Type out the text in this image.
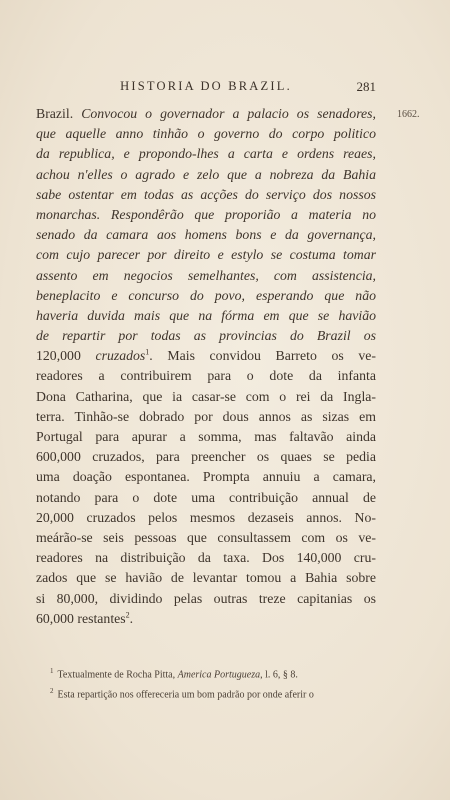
HISTORIA DO BRAZIL.	281
1662.
Brazil. Convocou o governador a palacio os senadores,
que aquelle anno tinhão o governo do corpo politico
da republica, e propondo-lhes a carta e ordens reaes,
achou n'elles o agrado e zelo que a nobreza da Bahia
sabe ostentar em todas as acções do serviço dos nossos
monarchas. Respondêrão que proporião a materia no
senado da camara aos homens bons e da governança,
com cujo parecer por direito e estylo se costuma tomar
assento em negocios semelhantes, com assistencia,
beneplacito e concurso do povo, esperando que não
haveria duvida mais que na fórma em que se havião
de repartir por todas as provincias do Brazil os
120,000 cruzados$^1$. Mais convidou Barreto os ve-
readores a contribuirem para o dote da infanta
Dona Catharina, que ia casar-se com o rei da Ingla-
terra. Tinhão-se dobrado por dous annos as sizas em
Portugal para apurar a somma, mas faltavão ainda
600,000 cruzados, para preencher os quaes se pedia
uma doação espontanea. Prompta annuiu a camara,
notando para o dote uma contribuição annual de
20,000 cruzados pelos mesmos dezaseis annos. No-
meárão-se seis pessoas que consultassem com os ve-
readores na distribuição da taxa. Dos 140,000 cru-
zados que se havião de levantar tomou a Bahia sobre
si 80,000, dividindo pelas outras treze capitanias os
60,000 restantes$^2$.
$^1$ Textualmente de Rocha Pitta, America Portugueza, l. 6, § 8.
$^2$ Esta repartição nos offereceria um bom padrão por onde aferir o
